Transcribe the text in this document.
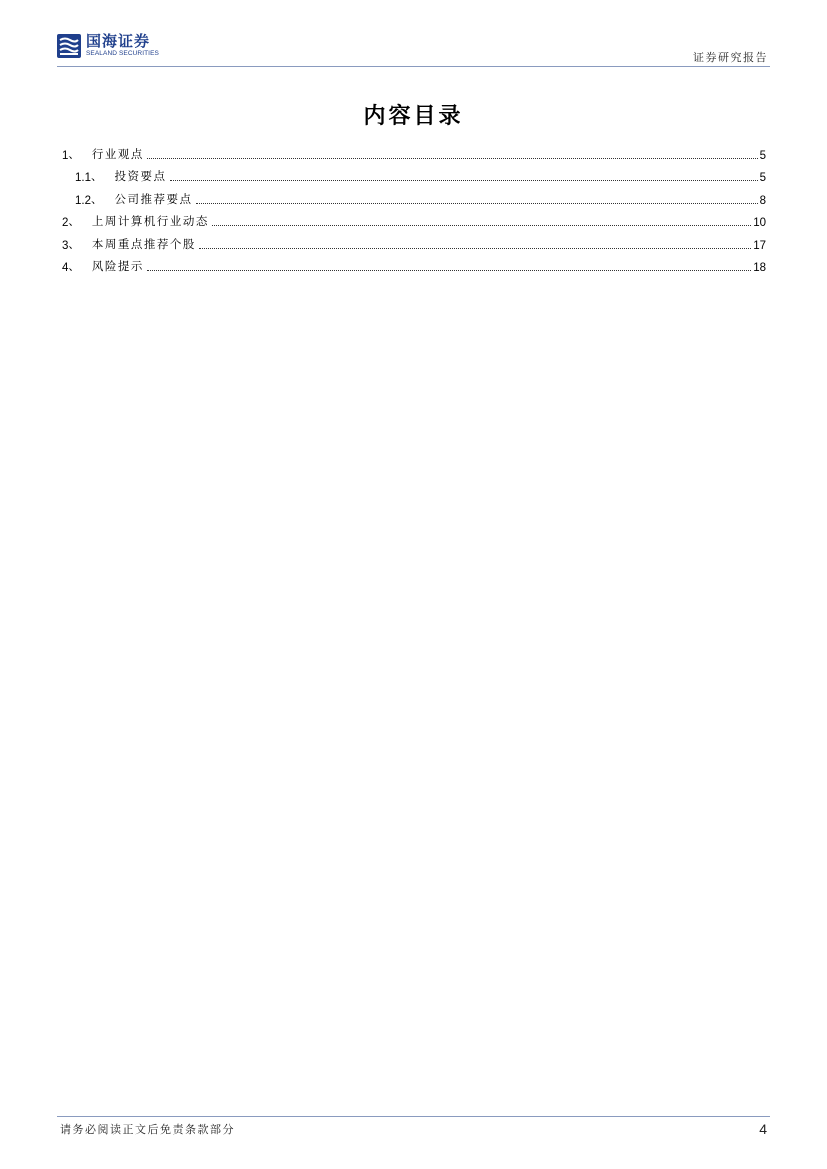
国海证券
SEALAND SECURITIES	证券研究报告
内容目录
1 、 行业观点	5
1.1 、 投资要点	5
1.2 、 公司推荐要点	8
2 、 上周计算机行业动态	10
3 、 本周重点推荐个股	17
4 、 风险提示	18
请务必阅读正文后免责条款部分	4
